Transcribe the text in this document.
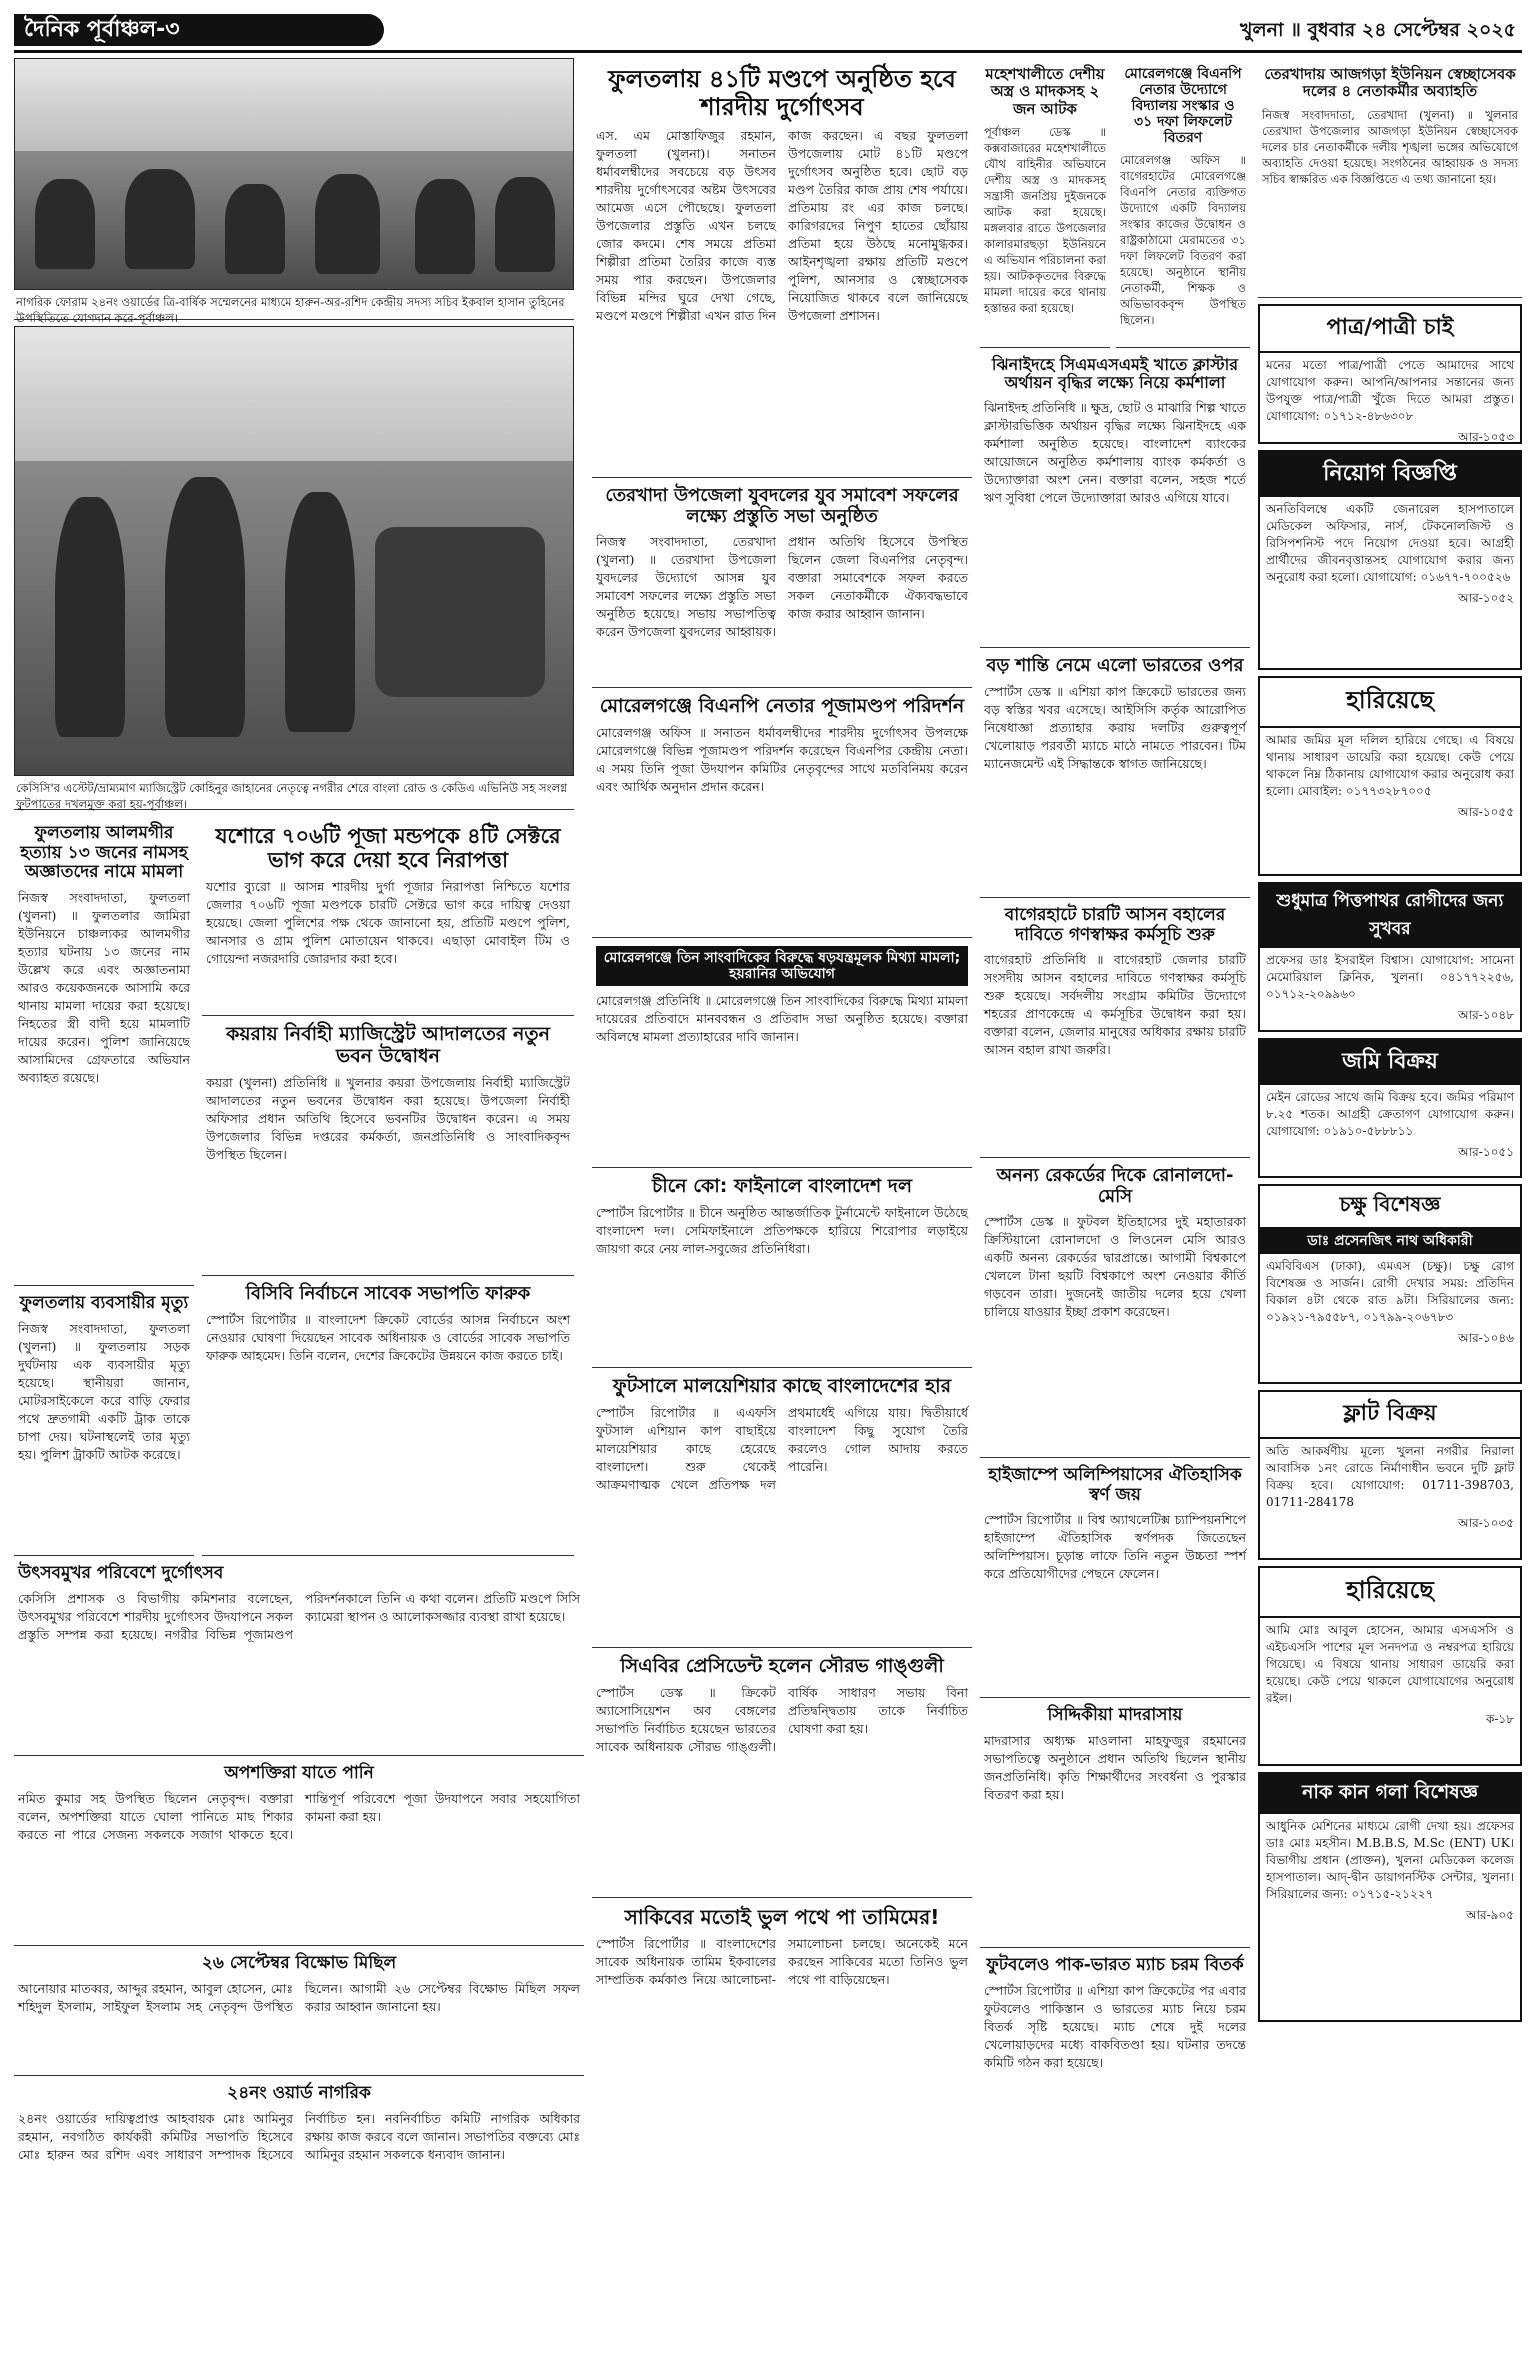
দৈনিক পূর্বাঞ্চল-৩	খুলনা ॥ বুধবার ২৪ সেপ্টেম্বর ২০২৫
নাগরিক ফোরাম ২৪নং ওয়ার্ডের ত্রি-বার্ষিক সম্মেলনের মাধ্যমে হারুন-অর-রশিদ কেন্দ্রীয় সদস্য সচিব ইকবাল হাসান তুহিনের উপস্থিতিতে যোগদান করে-পূর্বাঞ্চল।
কেসিসি'র এস্টেট/ভ্রাম্যমাণ ম্যাজিস্ট্রেট কোহিনুর জাহানের নেতৃত্বে নগরীর শেরে বাংলা রোড ও কেডিএ এভিনিউ সহ সংলগ্ন ফুটপাতের দখলমুক্ত করা হয়-পূর্বাঞ্চল।
ফুলতলায় আলমগীর হত্যায় ১৩ জনের নামসহ অজ্ঞাতদের নামে মামলা
নিজস্ব সংবাদদাতা, ফুলতলা (খুলনা) ॥ ফুলতলার জামিরা ইউনিয়নে চাঞ্চল্যকর আলমগীর হত্যার ঘটনায় ১৩ জনের নাম উল্লেখ করে এবং অজ্ঞাতনামা আরও কয়েকজনকে আসামি করে থানায় মামলা দায়ের করা হয়েছে। নিহতের স্ত্রী বাদী হয়ে মামলাটি দায়ের করেন। পুলিশ জানিয়েছে আসামিদের গ্রেফতারে অভিযান অব্যাহত রয়েছে।
ফুলতলায় ব্যবসায়ীর মৃত্যু
নিজস্ব সংবাদদাতা, ফুলতলা (খুলনা) ॥ ফুলতলায় সড়ক দুর্ঘটনায় এক ব্যবসায়ীর মৃত্যু হয়েছে। স্থানীয়রা জানান, মোটরসাইকেলে করে বাড়ি ফেরার পথে দ্রুতগামী একটি ট্রাক তাকে চাপা দেয়। ঘটনাস্থলেই তার মৃত্যু হয়। পুলিশ ট্রাকটি আটক করেছে।
যশোরে ৭০৬টি পূজা মন্ডপকে ৪টি সেক্টরে ভাগ করে দেয়া হবে নিরাপত্তা
যশোর ব্যুরো ॥ আসন্ন শারদীয় দুর্গা পূজার নিরাপত্তা নিশ্চিতে যশোর জেলার ৭০৬টি পূজা মণ্ডপকে চারটি সেক্টরে ভাগ করে দায়িত্ব দেওয়া হয়েছে। জেলা পুলিশের পক্ষ থেকে জানানো হয়, প্রতিটি মণ্ডপে পুলিশ, আনসার ও গ্রাম পুলিশ মোতায়েন থাকবে। এছাড়া মোবাইল টিম ও গোয়েন্দা নজরদারি জোরদার করা হবে।
কয়রায় নির্বাহী ম্যাজিস্ট্রেট আদালতের নতুন ভবন উদ্বোধন
কয়রা (খুলনা) প্রতিনিধি ॥ খুলনার কয়রা উপজেলায় নির্বাহী ম্যাজিস্ট্রেট আদালতের নতুন ভবনের উদ্বোধন করা হয়েছে। উপজেলা নির্বাহী অফিসার প্রধান অতিথি হিসেবে ভবনটির উদ্বোধন করেন। এ সময় উপজেলার বিভিন্ন দপ্তরের কর্মকর্তা, জনপ্রতিনিধি ও সাংবাদিকবৃন্দ উপস্থিত ছিলেন।
বিসিবি নির্বাচনে সাবেক সভাপতি ফারুক
স্পোর্টস রিপোর্টার ॥ বাংলাদেশ ক্রিকেট বোর্ডের আসন্ন নির্বাচনে অংশ নেওয়ার ঘোষণা দিয়েছেন সাবেক অধিনায়ক ও বোর্ডের সাবেক সভাপতি ফারুক আহমেদ। তিনি বলেন, দেশের ক্রিকেটের উন্নয়নে কাজ করতে চাই।
উৎসবমুখর পরিবেশে দুর্গোৎসব
কেসিসি প্রশাসক ও বিভাগীয় কমিশনার বলেছেন, উৎসবমুখর পরিবেশে শারদীয় দুর্গোৎসব উদযাপনে সকল প্রস্তুতি সম্পন্ন করা হয়েছে। নগরীর বিভিন্ন পূজামণ্ডপ পরিদর্শনকালে তিনি এ কথা বলেন। প্রতিটি মণ্ডপে সিসি ক্যামেরা স্থাপন ও আলোকসজ্জার ব্যবস্থা রাখা হয়েছে।
অপশক্তিরা যাতে পানি
নমিত কুমার সহ উপস্থিত ছিলেন নেতৃবৃন্দ। বক্তারা বলেন, অপশক্তিরা যাতে ঘোলা পানিতে মাছ শিকার করতে না পারে সেজন্য সকলকে সজাগ থাকতে হবে। শান্তিপূর্ণ পরিবেশে পূজা উদযাপনে সবার সহযোগিতা কামনা করা হয়।
২৬ সেপ্টেম্বর বিক্ষোভ মিছিল
আনোয়ার মাতব্বর, আব্দুর রহমান, আবুল হোসেন, মোঃ শহিদুল ইসলাম, সাইফুল ইসলাম সহ নেতৃবৃন্দ উপস্থিত ছিলেন। আগামী ২৬ সেপ্টেম্বর বিক্ষোভ মিছিল সফল করার আহ্বান জানানো হয়।
২৪নং ওয়ার্ড নাগরিক
২৪নং ওয়ার্ডের দায়িত্বপ্রাপ্ত আহবায়ক মোঃ আমিনুর রহমান, নবগঠিত কার্যকরী কমিটির সভাপতি হিসেবে মোঃ হারুন অর রশিদ এবং সাধারণ সম্পাদক হিসেবে নির্বাচিত হন। নবনির্বাচিত কমিটি নাগরিক অধিকার রক্ষায় কাজ করবে বলে জানান। সভাপতির বক্তব্যে মোঃ আমিনুর রহমান সকলকে ধন্যবাদ জানান।
ফুলতলায় ৪১টি মণ্ডপে অনুষ্ঠিত হবে শারদীয় দুর্গোৎসব
এস. এম মোস্তাফিজুর রহমান, ফুলতলা (খুলনা)। সনাতন ধর্মাবলম্বীদের সবচেয়ে বড় উৎসব শারদীয় দুর্গোৎসবের অষ্টম উৎসবের আমেজ এসে পৌছেছে। ফুলতলা উপজেলার প্রস্তুতি এখন চলছে জোর কদমে। শেষ সময়ে প্রতিমা শিল্পীরা প্রতিমা তৈরির কাজে ব্যস্ত সময় পার করছেন। উপজেলার বিভিন্ন মন্দির ঘুরে দেখা গেছে, মণ্ডপে মণ্ডপে শিল্পীরা এখন রাত দিন কাজ করছেন। এ বছর ফুলতলা উপজেলায় মোট ৪১টি মণ্ডপে দুর্গোৎসব অনুষ্ঠিত হবে। ছোট বড় মণ্ডপ তৈরির কাজ প্রায় শেষ পর্যায়ে। প্রতিমায় রং এর কাজ চলছে। কারিগরদের নিপুণ হাতের ছোঁয়ায় প্রতিমা হয়ে উঠছে মনোমুগ্ধকর। আইনশৃঙ্খলা রক্ষায় প্রতিটি মণ্ডপে পুলিশ, আনসার ও স্বেচ্ছাসেবক নিয়োজিত থাকবে বলে জানিয়েছে উপজেলা প্রশাসন।
তেরখাদা উপজেলা যুবদলের যুব সমাবেশ সফলের লক্ষ্যে প্রস্তুতি সভা অনুষ্ঠিত
নিজস্ব সংবাদদাতা, তেরখাদা (খুলনা) ॥ তেরখাদা উপজেলা যুবদলের উদ্যোগে আসন্ন যুব সমাবেশ সফলের লক্ষ্যে প্রস্তুতি সভা অনুষ্ঠিত হয়েছে। সভায় সভাপতিত্ব করেন উপজেলা যুবদলের আহ্বায়ক। প্রধান অতিথি হিসেবে উপস্থিত ছিলেন জেলা বিএনপির নেতৃবৃন্দ। বক্তারা সমাবেশকে সফল করতে সকল নেতাকর্মীকে ঐক্যবদ্ধভাবে কাজ করার আহ্বান জানান।
মোরেলগঞ্জে বিএনপি নেতার পূজামণ্ডপ পরিদর্শন
মোরেলগঞ্জ অফিস ॥ সনাতন ধর্মাবলম্বীদের শারদীয় দুর্গোৎসব উপলক্ষে মোরেলগঞ্জে বিভিন্ন পূজামণ্ডপ পরিদর্শন করেছেন বিএনপির কেন্দ্রীয় নেতা। এ সময় তিনি পূজা উদযাপন কমিটির নেতৃবৃন্দের সাথে মতবিনিময় করেন এবং আর্থিক অনুদান প্রদান করেন।
মোরেলগঞ্জে তিন সাংবাদিকের বিরুদ্ধে ষড়যন্ত্রমূলক মিথ্যা মামলা; হয়রানির অভিযোগ
মোরেলগঞ্জ প্রতিনিধি ॥ মোরেলগঞ্জে তিন সাংবাদিকের বিরুদ্ধে মিথ্যা মামলা দায়েরের প্রতিবাদে মানববন্ধন ও প্রতিবাদ সভা অনুষ্ঠিত হয়েছে। বক্তারা অবিলম্বে মামলা প্রত্যাহারের দাবি জানান।
চীনে কো: ফাইনালে বাংলাদেশ দল
স্পোর্টস রিপোর্টার ॥ চীনে অনুষ্ঠিত আন্তর্জাতিক টুর্নামেন্টে ফাইনালে উঠেছে বাংলাদেশ দল। সেমিফাইনালে প্রতিপক্ষকে হারিয়ে শিরোপার লড়াইয়ে জায়গা করে নেয় লাল-সবুজের প্রতিনিধিরা।
ফুটসালে মালয়েশিয়ার কাছে বাংলাদেশের হার
স্পোর্টস রিপোর্টার ॥ এএফসি ফুটসাল এশিয়ান কাপ বাছাইয়ে মালয়েশিয়ার কাছে হেরেছে বাংলাদেশ। শুরু থেকেই আক্রমণাত্মক খেলে প্রতিপক্ষ দল প্রথমার্ধেই এগিয়ে যায়। দ্বিতীয়ার্ধে বাংলাদেশ কিছু সুযোগ তৈরি করলেও গোল আদায় করতে পারেনি।
সিএবির প্রেসিডেন্ট হলেন সৌরভ গাঙ্গুলী
স্পোর্টস ডেস্ক ॥ ক্রিকেট অ্যাসোসিয়েশন অব বেঙ্গলের সভাপতি নির্বাচিত হয়েছেন ভারতের সাবেক অধিনায়ক সৌরভ গাঙ্গুলী। বার্ষিক সাধারণ সভায় বিনা প্রতিদ্বন্দ্বিতায় তাকে নির্বাচিত ঘোষণা করা হয়।
সাকিবের মতোই ভুল পথে পা তামিমের!
স্পোর্টস রিপোর্টার ॥ বাংলাদেশের সাবেক অধিনায়ক তামিম ইকবালের সাম্প্রতিক কর্মকাণ্ড নিয়ে আলোচনা-সমালোচনা চলছে। অনেকেই মনে করছেন সাকিবের মতো তিনিও ভুল পথে পা বাড়িয়েছেন।
মহেশখালীতে দেশীয় অস্ত্র ও মাদকসহ ২ জন আটক
পূর্বাঞ্চল ডেস্ক ॥ কক্সবাজারের মহেশখালীতে যৌথ বাহিনীর অভিযানে দেশীয় অস্ত্র ও মাদকসহ সন্ত্রাসী জনপ্রিয় দুইজনকে আটক করা হয়েছে। মঙ্গলবার রাতে উপজেলার কালারমারছড়া ইউনিয়নে এ অভিযান পরিচালনা করা হয়। আটককৃতদের বিরুদ্ধে মামলা দায়ের করে থানায় হস্তান্তর করা হয়েছে।
মোরেলগঞ্জে বিএনপি নেতার উদ্যোগে বিদ্যালয় সংস্কার ও ৩১ দফা লিফলেট বিতরণ
মোরেলগঞ্জ অফিস ॥ বাগেরহাটের মোরেলগঞ্জে বিএনপি নেতার ব্যক্তিগত উদ্যোগে একটি বিদ্যালয় সংস্কার কাজের উদ্বোধন ও রাষ্ট্রকাঠামো মেরামতের ৩১ দফা লিফলেট বিতরণ করা হয়েছে। অনুষ্ঠানে স্থানীয় নেতাকর্মী, শিক্ষক ও অভিভাবকবৃন্দ উপস্থিত ছিলেন।
ঝিনাইদহে সিএমএসএমই খাতে ক্লাস্টার অর্থায়ন বৃদ্ধির লক্ষ্যে নিয়ে কর্মশালা
ঝিনাইদহ প্রতিনিধি ॥ ক্ষুদ্র, ছোট ও মাঝারি শিল্প খাতে ক্লাস্টারভিত্তিক অর্থায়ন বৃদ্ধির লক্ষ্যে ঝিনাইদহে এক কর্মশালা অনুষ্ঠিত হয়েছে। বাংলাদেশ ব্যাংকের আয়োজনে অনুষ্ঠিত কর্মশালায় ব্যাংক কর্মকর্তা ও উদ্যোক্তারা অংশ নেন। বক্তারা বলেন, সহজ শর্তে ঋণ সুবিধা পেলে উদ্যোক্তারা আরও এগিয়ে যাবে।
বড় শান্তি নেমে এলো ভারতের ওপর
স্পোর্টস ডেস্ক ॥ এশিয়া কাপ ক্রিকেটে ভারতের জন্য বড় স্বস্তির খবর এসেছে। আইসিসি কর্তৃক আরোপিত নিষেধাজ্ঞা প্রত্যাহার করায় দলটির গুরুত্বপূর্ণ খেলোয়াড় পরবর্তী ম্যাচে মাঠে নামতে পারবেন। টিম ম্যানেজমেন্ট এই সিদ্ধান্তকে স্বাগত জানিয়েছে।
বাগেরহাটে চারটি আসন বহালের দাবিতে গণস্বাক্ষর কর্মসূচি শুরু
বাগেরহাট প্রতিনিধি ॥ বাগেরহাট জেলার চারটি সংসদীয় আসন বহালের দাবিতে গণস্বাক্ষর কর্মসূচি শুরু হয়েছে। সর্বদলীয় সংগ্রাম কমিটির উদ্যোগে শহরের প্রাণকেন্দ্রে এ কর্মসূচির উদ্বোধন করা হয়। বক্তারা বলেন, জেলার মানুষের অধিকার রক্ষায় চারটি আসন বহাল রাখা জরুরি।
অনন্য রেকর্ডের দিকে রোনালদো-মেসি
স্পোর্টস ডেস্ক ॥ ফুটবল ইতিহাসের দুই মহাতারকা ক্রিস্টিয়ানো রোনালদো ও লিওনেল মেসি আরও একটি অনন্য রেকর্ডের দ্বারপ্রান্তে। আগামী বিশ্বকাপে খেললে টানা ছয়টি বিশ্বকাপে অংশ নেওয়ার কীর্তি গড়বেন তারা। দুজনেই জাতীয় দলের হয়ে খেলা চালিয়ে যাওয়ার ইচ্ছা প্রকাশ করেছেন।
হাইজাম্পে অলিম্পিয়াসের ঐতিহাসিক স্বর্ণ জয়
স্পোর্টস রিপোর্টার ॥ বিশ্ব অ্যাথলেটিক্স চ্যাম্পিয়নশিপে হাইজাম্পে ঐতিহাসিক স্বর্ণপদক জিতেছেন অলিম্পিয়াস। চূড়ান্ত লাফে তিনি নতুন উচ্চতা স্পর্শ করে প্রতিযোগীদের পেছনে ফেলেন।
সিদ্দিকীয়া মাদরাসায়
মাদরাসার অধ্যক্ষ মাওলানা মাহফুজুর রহমানের সভাপতিত্বে অনুষ্ঠানে প্রধান অতিথি ছিলেন স্থানীয় জনপ্রতিনিধি। কৃতি শিক্ষার্থীদের সংবর্ধনা ও পুরস্কার বিতরণ করা হয়।
ফুটবলেও পাক-ভারত ম্যাচ চরম বিতর্ক
স্পোর্টস রিপোর্টার ॥ এশিয়া কাপ ক্রিকেটের পর এবার ফুটবলেও পাকিস্তান ও ভারতের ম্যাচ নিয়ে চরম বিতর্ক সৃষ্টি হয়েছে। ম্যাচ শেষে দুই দলের খেলোয়াড়দের মধ্যে বাকবিতণ্ডা হয়। ঘটনার তদন্তে কমিটি গঠন করা হয়েছে।
তেরখাদায় আজগড়া ইউনিয়ন স্বেচ্ছাসেবক দলের ৪ নেতাকর্মীর অব্যাহতি
নিজস্ব সংবাদদাতা, তেরখাদা (খুলনা) ॥ খুলনার তেরখাদা উপজেলার আজগড়া ইউনিয়ন স্বেচ্ছাসেবক দলের চার নেতাকর্মীকে দলীয় শৃঙ্খলা ভঙ্গের অভিযোগে অব্যাহতি দেওয়া হয়েছে। সংগঠনের আহ্বায়ক ও সদস্য সচিব স্বাক্ষরিত এক বিজ্ঞপ্তিতে এ তথ্য জানানো হয়।
পাত্র/পাত্রী চাই
মনের মতো পাত্র/পাত্রী পেতে আমাদের সাথে যোগাযোগ করুন। আপনি/আপনার সন্তানের জন্য উপযুক্ত পাত্র/পাত্রী খুঁজে দিতে আমরা প্রস্তুত। যোগাযোগ: ০১৭১২-৪৮৬৩০৮
আর-১০৫৩
নিয়োগ বিজ্ঞপ্তি
অনতিবিলম্বে একটি জেনারেল হাসপাতালে মেডিকেল অফিসার, নার্স, টেকনোলজিস্ট ও রিসিপশনিস্ট পদে নিয়োগ দেওয়া হবে। আগ্রহী প্রার্থীদের জীবনবৃত্তান্তসহ যোগাযোগ করার জন্য অনুরোধ করা হলো। যোগাযোগ: ০১৬৭৭-৭০০৫২৬
আর-১০৫২
হারিয়েছে
আমার জমির মূল দলিল হারিয়ে গেছে। এ বিষয়ে থানায় সাধারণ ডায়েরি করা হয়েছে। কেউ পেয়ে থাকলে নিম্ন ঠিকানায় যোগাযোগ করার অনুরোধ করা হলো। মোবাইল: ০১৭৭৩২৮৭০০৫
আর-১০৫৫
শুধুমাত্র পিত্তপাথর রোগীদের জন্য সুখবর
প্রফেসর ডাঃ ইসরাইল বিশ্বাস। যোগাযোগ: সামেনা মেমোরিয়াল ক্লিনিক, খুলনা। ০৪১৭৭২২৫৬, ০১৭১২-২০৯৯৬০
আর-১০৪৮
জমি বিক্রয়
মেইন রোডের সাথে জমি বিক্রয় হবে। জমির পরিমাণ ৮.২৫ শতক। আগ্রহী ক্রেতাগণ যোগাযোগ করুন। যোগাযোগ: ০১৯১০-৫৮৮৮১১
আর-১০৫১
চক্ষু বিশেষজ্ঞ
ডাঃ প্রসেনজিৎ নাথ অধিকারী
এমবিবিএস (ঢাকা), এমএস (চক্ষু)। চক্ষু রোগ বিশেষজ্ঞ ও সার্জন। রোগী দেখার সময়: প্রতিদিন বিকাল ৪টা থেকে রাত ৯টা। সিরিয়ালের জন্য: ০১৯২১-৭৯৫৫৮৭, ০১৭৯৯-২০৬৭৮৩
আর-১০৪৬
ফ্লাট বিক্রয়
অতি আকর্ষণীয় মূল্যে খুলনা নগরীর নিরালা আবাসিক ১নং রোডে নির্মাণাধীন ভবনে দুটি ফ্লাট বিক্রয় হবে। যোগাযোগ: 01711-398703, 01711-284178
আর-১০৩৫
হারিয়েছে
আমি মোঃ আবুল হোসেন, আমার এসএসসি ও এইচএসসি পাশের মূল সনদপত্র ও নম্বরপত্র হারিয়ে গিয়েছে। এ বিষয়ে থানায় সাধারণ ডায়েরি করা হয়েছে। কেউ পেয়ে থাকলে যোগাযোগের অনুরোধ রইল।
ক-১৮
নাক কান গলা বিশেষজ্ঞ
আধুনিক মেশিনের মাধ্যমে রোগী দেখা হয়। প্রফেসর ডাঃ মোঃ মহসীন। M.B.B.S, M.Sc (ENT) UK। বিভাগীয় প্রধান (প্রাক্তন), খুলনা মেডিকেল কলেজ হাসপাতাল। আদ্-দ্বীন ডায়াগনস্টিক সেন্টার, খুলনা। সিরিয়ালের জন্য: ০১৭১৫-২১২২৭
আর-৯০৫
